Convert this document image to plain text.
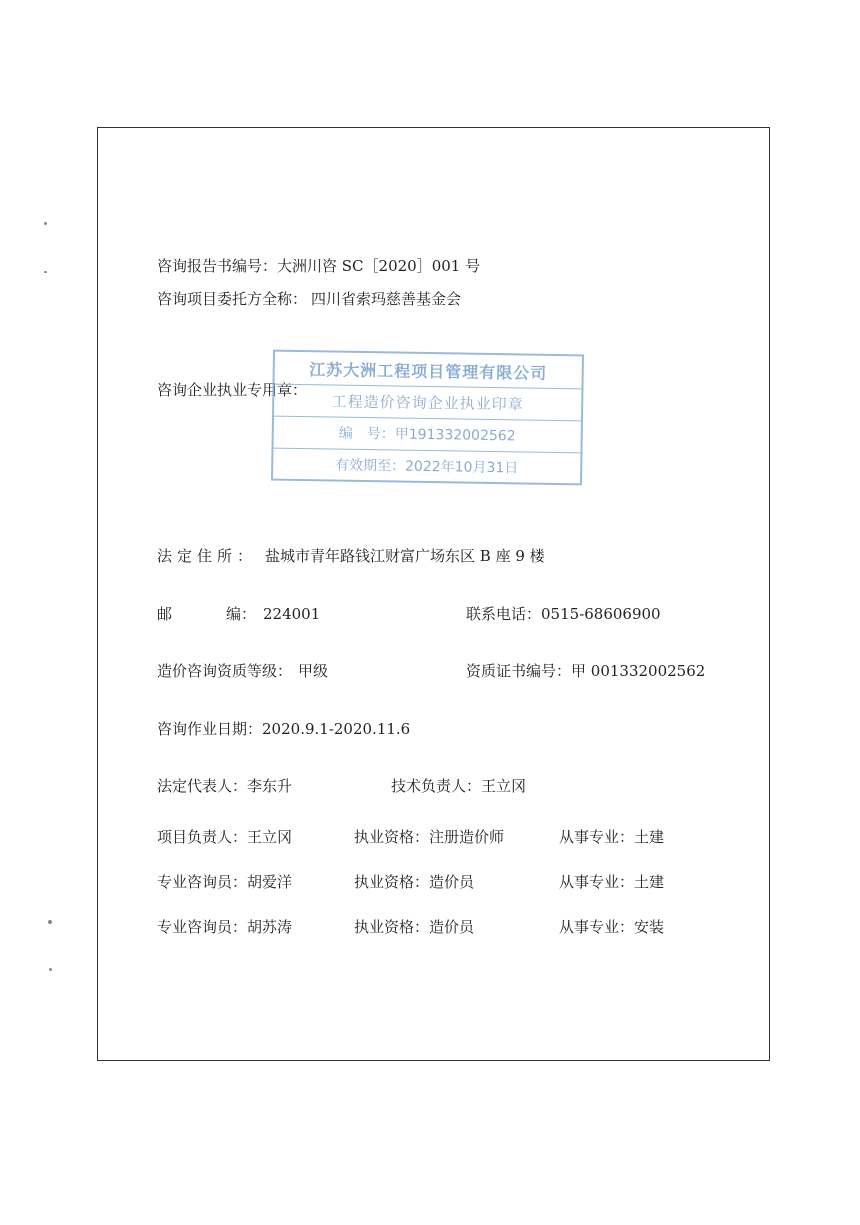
咨询报告书编号：大洲川咨 SC［2020］001 号
咨询项目委托方全称： 四川省索玛慈善基金会
咨询企业执业专用章：
江苏大洲工程项目管理有限公司
工程造价咨询企业执业印章
编　号：甲191332002562
有效期至：2022年10月31日
法定住所： 盐城市青年路钱江财富广场东区 B 座 9 楼
邮	编： 224001	联系电话：0515-68606900
造价咨询资质等级： 甲级	资质证书编号：甲 001332002562
咨询作业日期：2020.9.1-2020.11.6
法定代表人：李东升	技术负责人：王立冈
项目负责人：王立冈	执业资格：注册造价师	从事专业：土建
专业咨询员：胡爱洋	执业资格：造价员	从事专业：土建
专业咨询员：胡苏涛	执业资格：造价员	从事专业：安装
